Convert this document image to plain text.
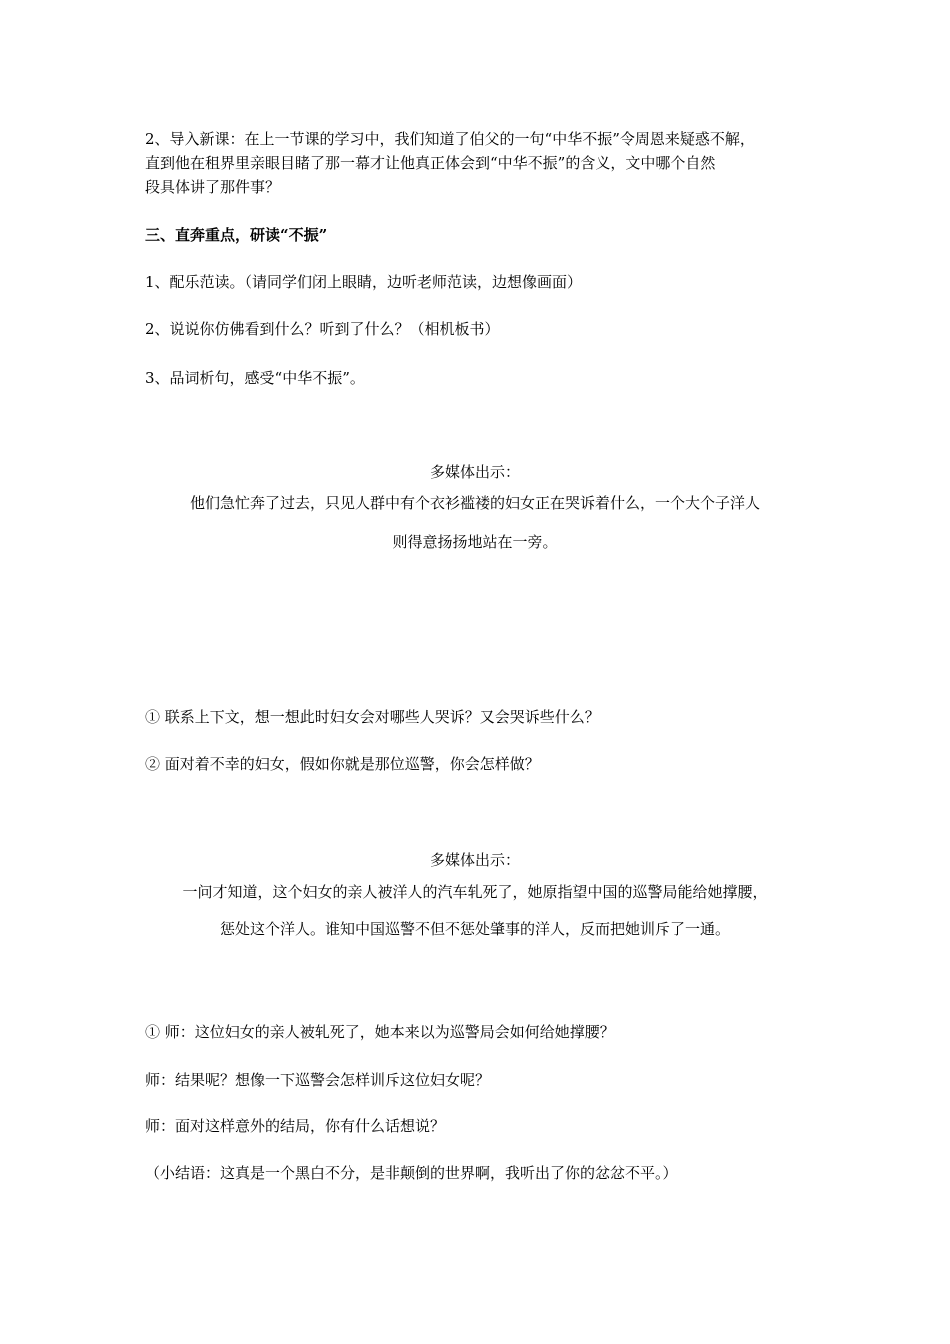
2、导入新课：在上一节课的学习中，我们知道了伯父的一句“中华不振”令周恩来疑惑不解，
直到他在租界里亲眼目睹了那一幕才让他真正体会到“中华不振”的含义，文中哪个自然
段具体讲了那件事？
三、直奔重点，研读“不振”
1、配乐范读。（请同学们闭上眼睛，边听老师范读，边想像画面）
2、说说你仿佛看到什么？听到了什么？（相机板书）
3、品词析句，感受“中华不振”。
多媒体出示：
他们急忙奔了过去，只见人群中有个衣衫褴褛的妇女正在哭诉着什么，一个大个子洋人
则得意扬扬地站在一旁。
① 联系上下文，想一想此时妇女会对哪些人哭诉？又会哭诉些什么？
② 面对着不幸的妇女，假如你就是那位巡警，你会怎样做？
多媒体出示：
一问才知道，这个妇女的亲人被洋人的汽车轧死了，她原指望中国的巡警局能给她撑腰，
惩处这个洋人。谁知中国巡警不但不惩处肇事的洋人，反而把她训斥了一通。
① 师：这位妇女的亲人被轧死了，她本来以为巡警局会如何给她撑腰？
师：结果呢？想像一下巡警会怎样训斥这位妇女呢？
师：面对这样意外的结局，你有什么话想说？
（小结语：这真是一个黑白不分，是非颠倒的世界啊，我听出了你的忿忿不平。）
